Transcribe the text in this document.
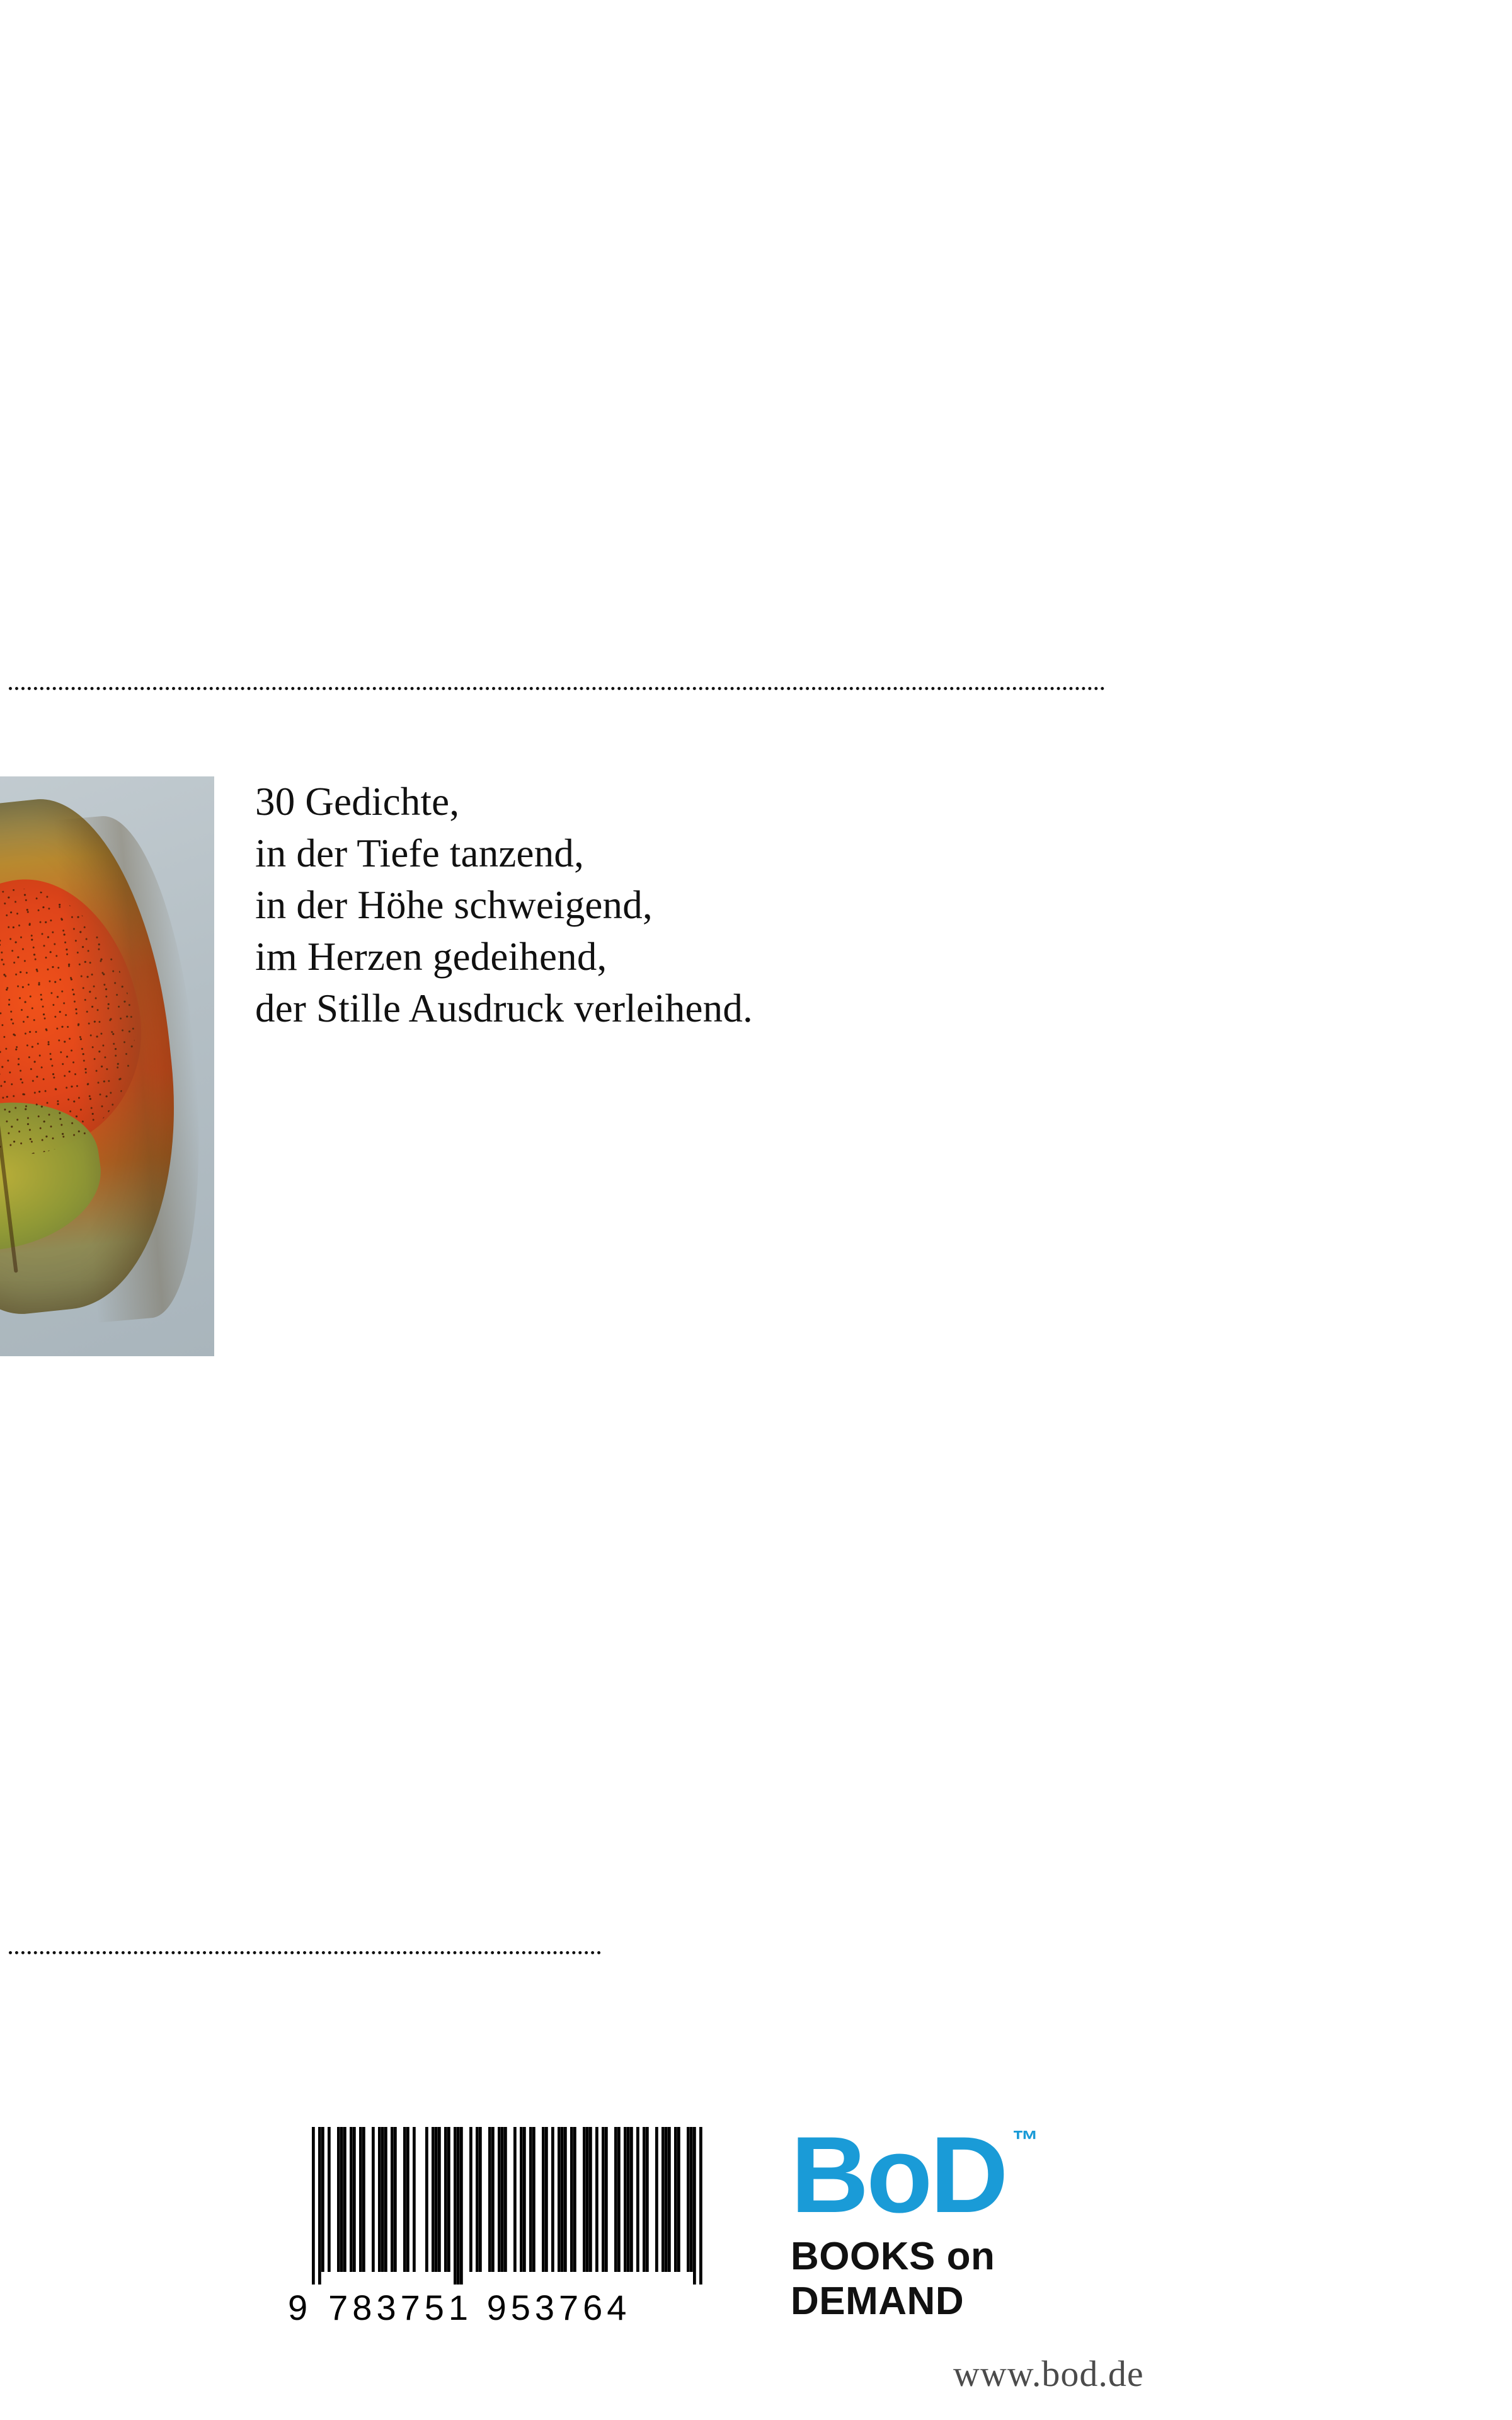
30 Gedichte,
in der Tiefe tanzend,
in der Höhe schweigend,
im Herzen gedeihend,
der Stille Ausdruck verleihend.
9 783751 953764
BoD ™
BOOKS on DEMAND
www.bod.de
